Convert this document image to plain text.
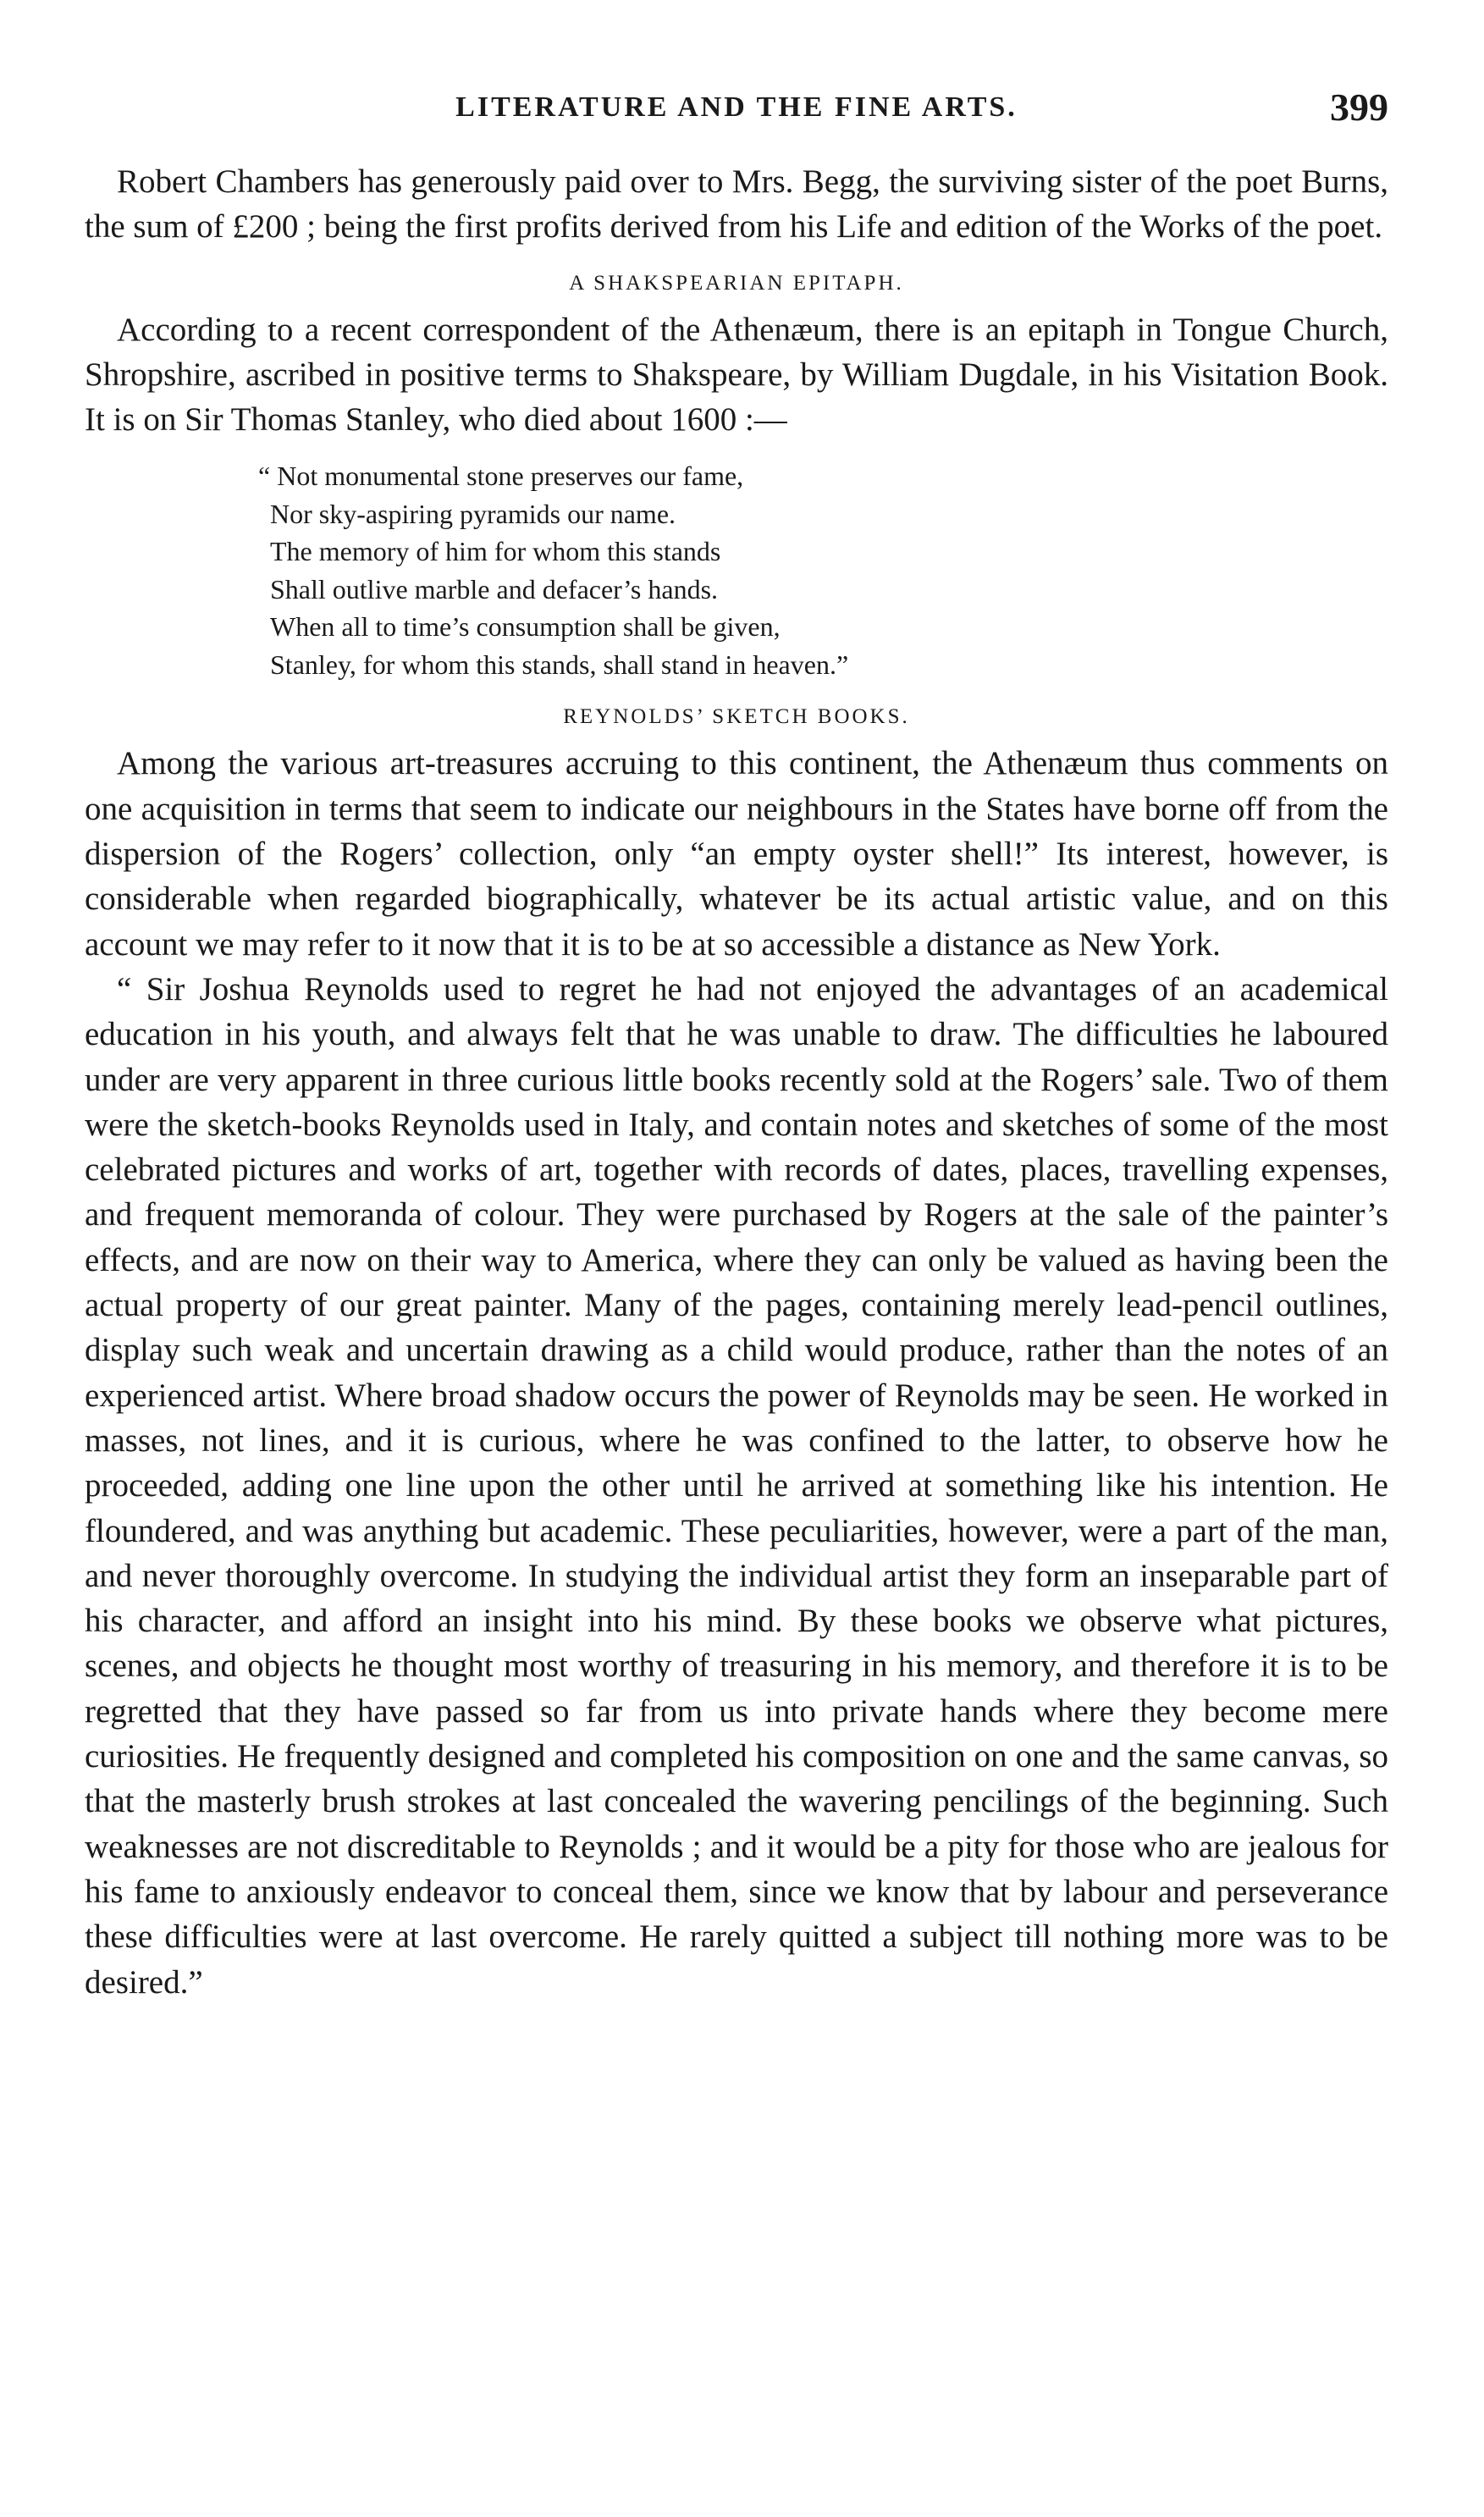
LITERATURE AND THE FINE ARTS.	399

Robert Chambers has generously paid over to Mrs. Begg, the surviving sister of the poet Burns, the sum of £200 ; being the first profits derived from his Life and edition of the Works of the poet.

A SHAKSPEARIAN EPITAPH.

According to a recent correspondent of the Athenæum, there is an epitaph in Tongue Church, Shropshire, ascribed in positive terms to Shakspeare, by William Dugdale, in his Visitation Book. It is on Sir Thomas Stanley, who died about 1600 :—

“ Not monumental stone preserves our fame,
Nor sky-aspiring pyramids our name.
The memory of him for whom this stands
Shall outlive marble and defacer’s hands.
When all to time’s consumption shall be given,
Stanley, for whom this stands, shall stand in heaven.”
REYNOLDS’ SKETCH BOOKS.

Among the various art-treasures accruing to this continent, the Athenæum thus comments on one acquisition in terms that seem to indicate our neighbours in the States have borne off from the dispersion of the Rogers’ collection, only “an empty oyster shell!” Its interest, however, is considerable when regarded biographically, whatever be its actual artistic value, and on this account we may refer to it now that it is to be at so accessible a distance as New York.

“ Sir Joshua Reynolds used to regret he had not enjoyed the advantages of an academical education in his youth, and always felt that he was unable to draw. The difficulties he laboured under are very apparent in three curious little books recently sold at the Rogers’ sale. Two of them were the sketch-books Reynolds used in Italy, and contain notes and sketches of some of the most celebrated pictures and works of art, together with records of dates, places, travelling expenses, and frequent memoranda of colour. They were purchased by Rogers at the sale of the painter’s effects, and are now on their way to America, where they can only be valued as having been the actual property of our great painter. Many of the pages, containing merely lead-pencil outlines, display such weak and uncertain drawing as a child would produce, rather than the notes of an experienced artist. Where broad shadow occurs the power of Reynolds may be seen. He worked in masses, not lines, and it is curious, where he was confined to the latter, to observe how he proceeded, adding one line upon the other until he arrived at something like his intention. He floundered, and was anything but academic. These peculiarities, however, were a part of the man, and never thoroughly overcome. In studying the individual artist they form an inseparable part of his character, and afford an insight into his mind. By these books we observe what pictures, scenes, and objects he thought most worthy of treasuring in his memory, and therefore it is to be regretted that they have passed so far from us into private hands where they become mere curiosities. He frequently designed and completed his composition on one and the same canvas, so that the masterly brush strokes at last concealed the wavering pencilings of the beginning. Such weaknesses are not discreditable to Reynolds ; and it would be a pity for those who are jealous for his fame to anxiously endeavor to conceal them, since we know that by labour and perseverance these difficulties were at last overcome. He rarely quitted a subject till nothing more was to be desired.”
